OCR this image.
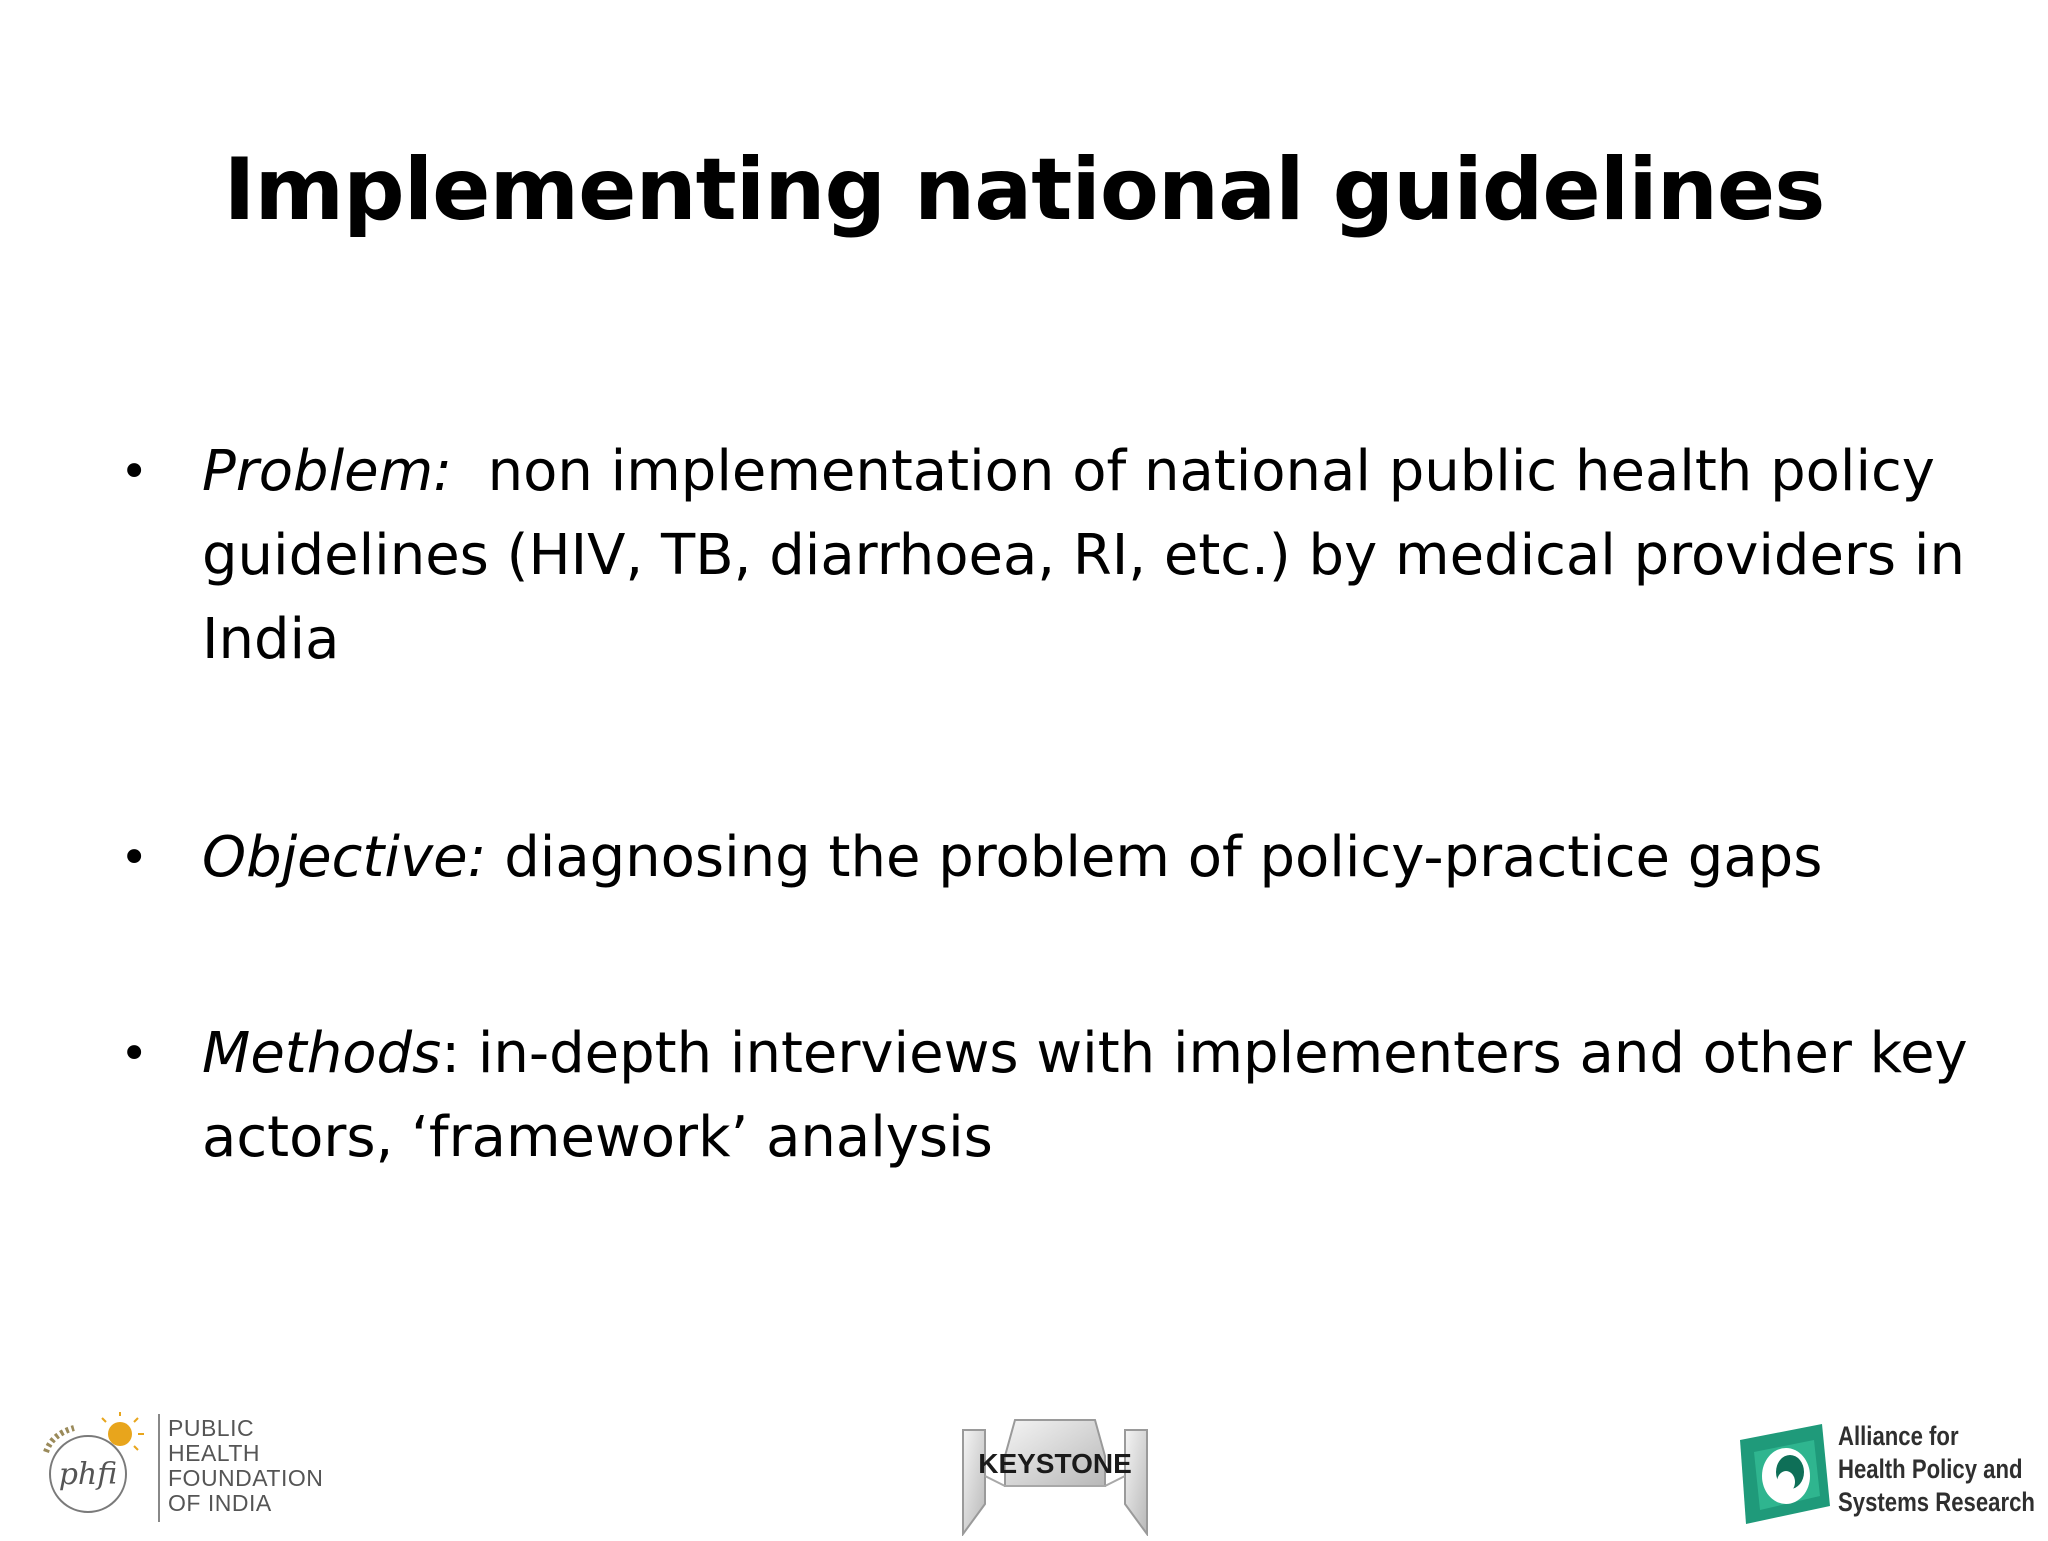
Implementing national guidelines
• Problem:  non implementation of national public health policy guidelines (HIV, TB, diarrhoea, RI, etc.) by medical providers in India
• Objective: diagnosing the problem of policy-practice gaps
• Methods: in-depth interviews with implementers and other key actors, ‘framework’ analysis
phfi
PUBLIC
HEALTH
FOUNDATION
OF INDIA
KEYSTONE
Alliance for
Health Policy and
Systems Research
